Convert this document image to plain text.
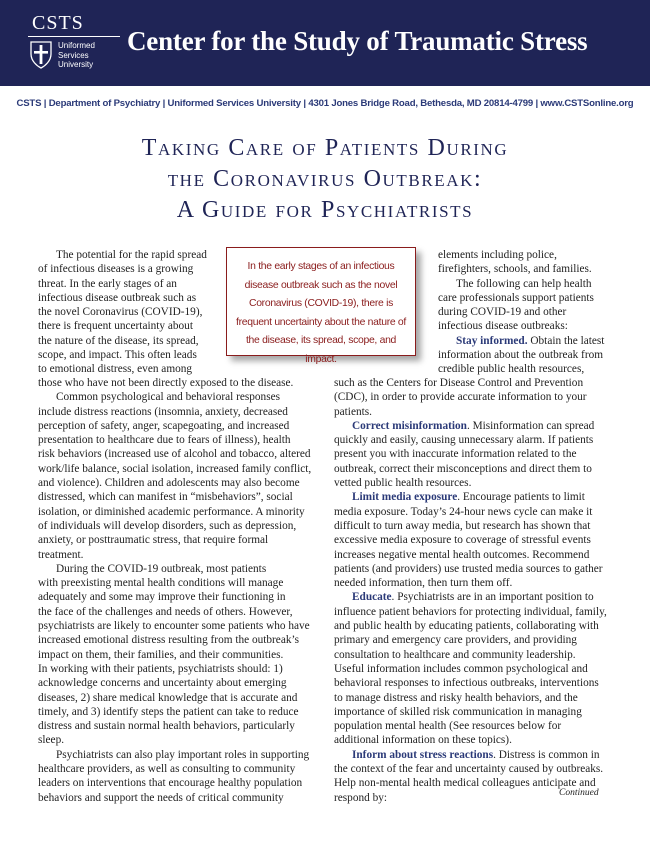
CSTS
Uniformed
Services
University
Center for the Study of Traumatic Stress
CSTS | Department of Psychiatry | Uniformed Services University | 4301 Jones Bridge Road, Bethesda, MD 20814-4799 | www.CSTSonline.org
Taking Care of Patients During
the Coronavirus Outbreak:
A Guide for Psychiatrists
The potential for the rapid spread
of infectious diseases is a growing
threat. In the early stages of an
infectious disease outbreak such as
the novel Coronavirus (COVID-19),
there is frequent uncertainty about
the nature of the disease, its spread,
scope, and impact. This often leads
to emotional distress, even among
those who have not been directly exposed to the disease.
Common psychological and behavioral responses
include distress reactions (insomnia, anxiety, decreased
perception of safety, anger, scapegoating, and increased
presentation to healthcare due to fears of illness), health
risk behaviors (increased use of alcohol and tobacco, altered
work/life balance, social isolation, increased family conflict,
and violence). Children and adolescents may also become
distressed, which can manifest in “misbehaviors”, social
isolation, or diminished academic performance. A minority
of individuals will develop disorders, such as depression,
anxiety, or posttraumatic stress, that require formal
treatment.
During the COVID-19 outbreak, most patients
with preexisting mental health conditions will manage
adequately and some may improve their functioning in
the face of the challenges and needs of others. However,
psychiatrists are likely to encounter some patients who have
increased emotional distress resulting from the outbreak’s
impact on them, their families, and their communities.
In working with their patients, psychiatrists should: 1)
acknowledge concerns and uncertainty about emerging
diseases, 2) share medical knowledge that is accurate and
timely, and 3) identify steps the patient can take to reduce
distress and sustain normal health behaviors, particularly
sleep.
Psychiatrists can also play important roles in supporting
healthcare providers, as well as consulting to community
leaders on interventions that encourage healthy population
behaviors and support the needs of critical community
In the early stages of an infectious disease outbreak such as the novel Coronavirus (COVID-19), there is frequent uncertainty about the nature of the disease, its spread, scope, and impact.
elements including police,
firefighters, schools, and families.
The following can help health
care professionals support patients
during COVID-19 and other
infectious disease outbreaks:
Stay informed. Obtain the latest
information about the outbreak from
credible public health resources,
such as the Centers for Disease Control and Prevention
(CDC), in order to provide accurate information to your
patients.
Correct misinformation. Misinformation can spread
quickly and easily, causing unnecessary alarm. If patients
present you with inaccurate information related to the
outbreak, correct their misconceptions and direct them to
vetted public health resources.
Limit media exposure. Encourage patients to limit
media exposure. Today’s 24-hour news cycle can make it
difficult to turn away media, but research has shown that
excessive media exposure to coverage of stressful events
increases negative mental health outcomes. Recommend
patients (and providers) use trusted media sources to gather
needed information, then turn them off.
Educate. Psychiatrists are in an important position to
influence patient behaviors for protecting individual, family,
and public health by educating patients, collaborating with
primary and emergency care providers, and providing
consultation to healthcare and community leadership.
Useful information includes common psychological and
behavioral responses to infectious outbreaks, interventions
to manage distress and risky health behaviors, and the
importance of skilled risk communication in managing
population mental health (See resources below for
additional information on these topics).
Inform about stress reactions. Distress is common in
the context of the fear and uncertainty caused by outbreaks.
Help non-mental health medical colleagues anticipate and
respond by:	Continued
